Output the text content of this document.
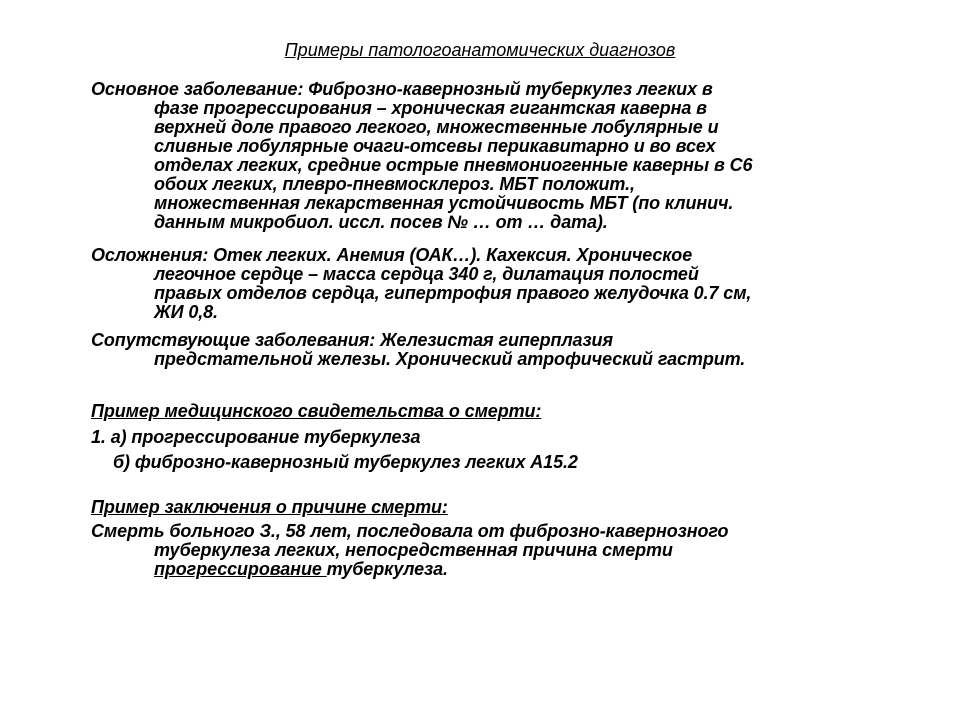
Примеры патологоанатомических диагнозов
Основное заболевание: Фиброзно-кавернозный туберкулез легких в
фазе прогрессирования – хроническая гигантская каверна в
верхней доле правого легкого, множественные лобулярные и
сливные лобулярные очаги-отсевы перикавитарно и во всех
отделах легких, средние острые пневмониогенные каверны в С6
обоих легких, плевро-пневмосклероз. МБТ положит.,
множественная лекарственная устойчивость МБТ (по клинич.
данным микробиол. иссл. посев № … от … дата).
Осложнения: Отек легких. Анемия (ОАК…). Кахексия. Хроническое
легочное сердце – масса сердца 340 г, дилатация полостей
правых отделов сердца, гипертрофия правого желудочка 0.7 см,
ЖИ 0,8.
Сопутствующие заболевания: Железистая гиперплазия
предстательной железы. Хронический атрофический гастрит.
Пример медицинского свидетельства о смерти:
1. а) прогрессирование туберкулеза
б) фиброзно-кавернозный туберкулез легких А15.2
Пример заключения о причине смерти:
Смерть больного З., 58 лет, последовала от фиброзно-кавернозного
туберкулеза легких, непосредственная причина смерти
прогрессирование туберкулеза.
